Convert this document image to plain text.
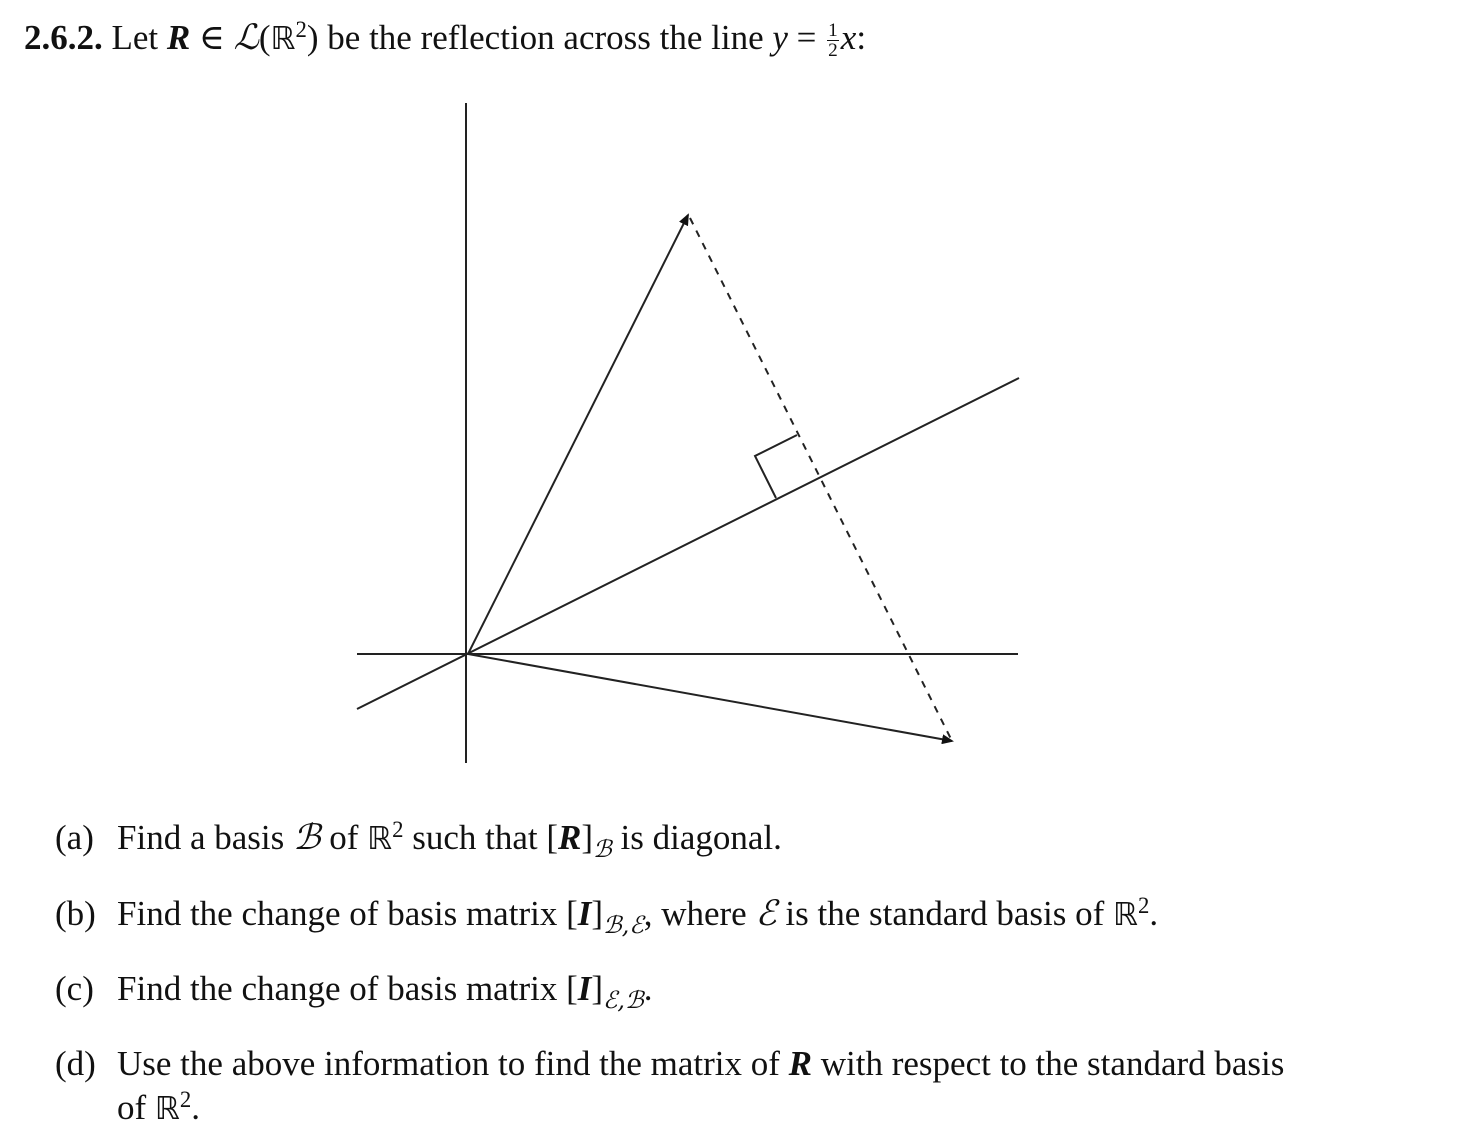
2.6.2. Let R ∈ ℒ(ℝ$^2$) be the reflection across the line $y = \frac{1}{2} x$:
(a) Find a basis ℬ of ℝ$^2$ such that $[R]_ℬ$ is diagonal.
(b) Find the change of basis matrix $[I]_{ℬ,ℰ}$, where ℰ is the standard basis of ℝ$^2$.
(c) Find the change of basis matrix $[I]_{ℰ,ℬ}$.
(d) Use the above information to find the matrix of R with respect to the standard basis
of ℝ$^2$.
